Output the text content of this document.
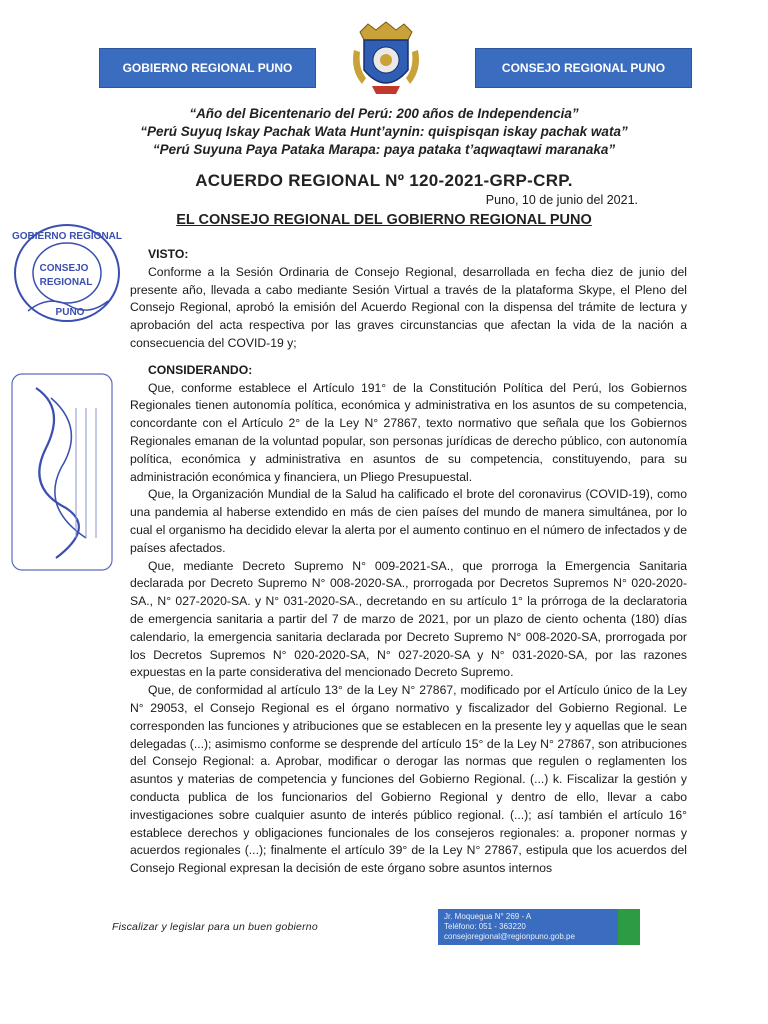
GOBIERNO REGIONAL PUNO	CONSEJO REGIONAL PUNO
“Año del Bicentenario del Perú: 200 años de Independencia”
“Perú Suyuq Iskay Pachak Wata Hunt’aynin: quispisqan iskay pachak wata”
“Perú Suyuna Paya Pataka Marapa: paya pataka t’aqwaqtawi maranaka”
ACUERDO REGIONAL Nº 120-2021-GRP-CRP.
Puno, 10 de junio del 2021.
EL CONSEJO REGIONAL DEL GOBIERNO REGIONAL PUNO
GOBIERNO REGIONAL
CONSEJO
REGIONAL
PUNO

VISTO:

Conforme a la Sesión Ordinaria de Consejo Regional, desarrollada en fecha diez de junio del presente año, llevada a cabo mediante Sesión Virtual a través de la plataforma Skype, el Pleno del Consejo Regional, aprobó la emisión del Acuerdo Regional con la dispensa del trámite de lectura y aprobación del acta respectiva por las graves circunstancias que afectan la vida de la nación a consecuencia del COVID-19 y;

CONSIDERANDO:

Que, conforme establece el Artículo 191° de la Constitución Política del Perú, los Gobiernos Regionales tienen autonomía política, económica y administrativa en los asuntos de su competencia, concordante con el Artículo 2° de la Ley N° 27867, texto normativo que señala que los Gobiernos Regionales emanan de la voluntad popular, son personas jurídicas de derecho público, con autonomía política, económica y administrativa en asuntos de su competencia, constituyendo, para su administración económica y financiera, un Pliego Presupuestal.

Que, la Organización Mundial de la Salud ha calificado el brote del coronavirus (COVID-19), como una pandemia al haberse extendido en más de cien países del mundo de manera simultánea, por lo cual el organismo ha decidido elevar la alerta por el aumento continuo en el número de infectados y de países afectados.

Que, mediante Decreto Supremo N° 009-2021-SA., que prorroga la Emergencia Sanitaria declarada por Decreto Supremo N° 008-2020-SA., prorrogada por Decretos Supremos N° 020-2020-SA., N° 027-2020-SA. y N° 031-2020-SA., decretando en su artículo 1° la prórroga de la declaratoria de emergencia sanitaria a partir del 7 de marzo de 2021, por un plazo de ciento ochenta (180) días calendario, la emergencia sanitaria declarada por Decreto Supremo N° 008-2020-SA, prorrogada por los Decretos Supremos N° 020-2020-SA, N° 027-2020-SA y N° 031-2020-SA, por las razones expuestas en la parte considerativa del mencionado Decreto Supremo.

Que, de conformidad al artículo 13° de la Ley N° 27867, modificado por el Artículo único de la Ley N° 29053, el Consejo Regional es el órgano normativo y fiscalizador del Gobierno Regional. Le corresponden las funciones y atribuciones que se establecen en la presente ley y aquellas que le sean delegadas (...); asimismo conforme se desprende del artículo 15° de la Ley N° 27867, son atribuciones del Consejo Regional: a. Aprobar, modificar o derogar las normas que regulen o reglamenten los asuntos y materias de competencia y funciones del Gobierno Regional. (...) k. Fiscalizar la gestión y conducta publica de los funcionarios del Gobierno Regional y dentro de ello, llevar a cabo investigaciones sobre cualquier asunto de interés público regional. (...); así también el artículo 16° establece derechos y obligaciones funcionales de los consejeros regionales: a. proponer normas y acuerdos regionales (...); finalmente el artículo 39° de la Ley N° 27867, estipula que los acuerdos del Consejo Regional expresan la decisión de este órgano sobre asuntos internos

Fiscalizar y legislar para un buen gobierno
Jr. Moquegua N° 269 - A
Teléfono: 051 - 363220
consejoregional@regionpuno.gob.pe
